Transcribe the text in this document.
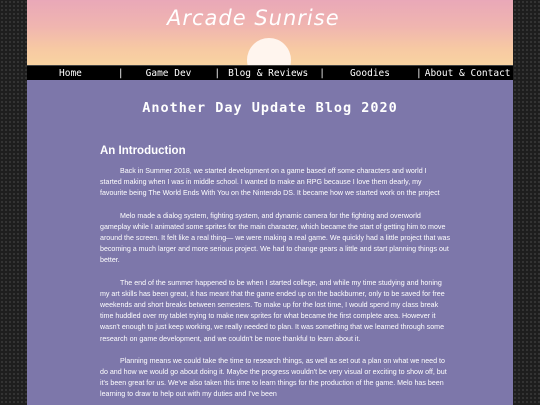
Arcade Sunrise
Home	| Game Dev | Blog & Reviews |	Goodies	| About & Contact
Another Day Update Blog 2020
An Introduction

Back in Summer 2018, we started development on a game based off some characters and world I started making when I was in middle school. I wanted to make an RPG because I love them dearly, my favourite being The World Ends With You on the Nintendo DS. It became how we started work on the project

Melo made a dialog system, fighting system, and dynamic camera for the fighting and overworld gameplay while I animated some sprites for the main character, which became the start of getting him to move around the screen. It felt like a real thing— we were making a real game. We quickly had a little project that was becoming a much larger and more serious project. We had to change gears a little and start planning things out better.

The end of the summer happened to be when I started college, and while my time studying and honing my art skills has been great, it has meant that the game ended up on the backburner, only to be saved for free weekends and short breaks between semesters. To make up for the lost time, I would spend my class break time huddled over my tablet trying to make new sprites for what became the first complete area. However it wasn't enough to just keep working, we really needed to plan. It was something that we learned through some research on game development, and we couldn't be more thankful to learn about it.

Planning means we could take the time to research things, as well as set out a plan on what we need to do and how we would go about doing it. Maybe the progress wouldn't be very visual or exciting to show off, but it's been great for us. We've also taken this time to learn things for the production of the game. Melo has been learning to draw to help out with my duties and I've been
